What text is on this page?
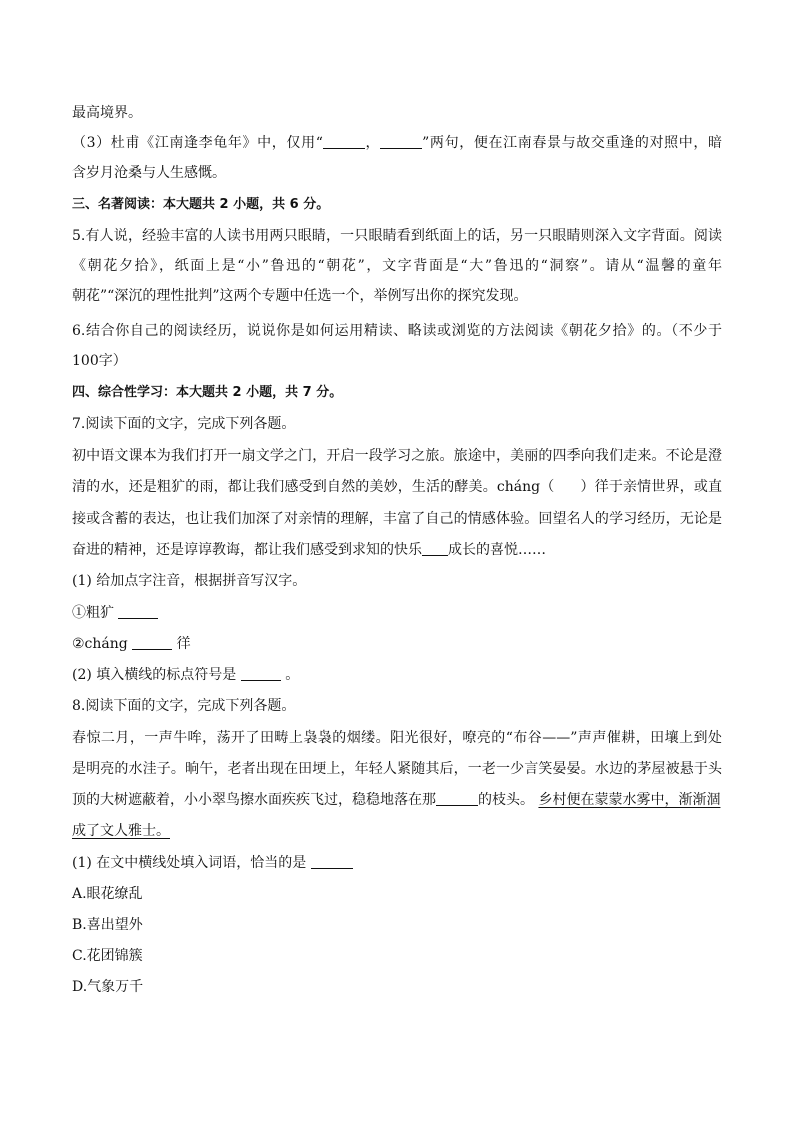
最高境界。
（3）杜甫《江南逢李龟年》中，仅用“	，	”两句，便在江南春景与故交重逢的对照中，暗
含岁月沧桑与人生感慨。
三、名著阅读：本大题共 2 小题，共 6 分。
5.有人说，经验丰富的人读书用两只眼睛，一只眼睛看到纸面上的话，另一只眼睛则深入文字背面。阅读
《朝花夕拾》，纸面上是“小”鲁迅的“朝花”，文字背面是“大”鲁迅的“洞察”。请从“温馨的童年
朝花”“深沉的理性批判”这两个专题中任选一个，举例写出你的探究发现。
6.结合你自己的阅读经历，说说你是如何运用精读、略读或浏览的方法阅读《朝花夕拾》的。（不少于
100字）
四、综合性学习：本大题共 2 小题，共 7 分。
7.阅读下面的文字，完成下列各题。
初中语文课本为我们打开一扇文学之门，开启一段学习之旅。旅途中，美丽的四季向我们走来。不论是澄
清的水，还是粗犷的雨，都让我们感受到自然的美妙，生活的酵美。cháng（ ）徉于亲情世界，或直
接或含蓄的表达，也让我们加深了对亲情的理解，丰富了自己的情感体验。回望名人的学习经历，无论是
奋进的精神，还是谆谆教诲，都让我们感受到求知的快乐 成长的喜悦……
(1) 给加点字注音，根据拼音写汉字。
①粗犷
②cháng	徉
(2) 填入横线的标点符号是	。
8.阅读下面的文字，完成下列各题。
春惊二月，一声牛哞，荡开了田畴上袅袅的烟缕。阳光很好，嘹亮的“布谷——”声声催耕，田壤上到处
是明亮的水洼子。晌午，老者出现在田埂上，年轻人紧随其后，一老一少言笑晏晏。水边的茅屋被悬于头
顶的大树遮蔽着，小小翠鸟擦水面疾疾飞过，稳稳地落在那	的枝头。 乡村便在蒙蒙水雾中，渐渐涸
成了文人雅士。
(1) 在文中横线处填入词语，恰当的是
A.眼花缭乱
B.喜出望外
C.花团锦簇
D.气象万千
